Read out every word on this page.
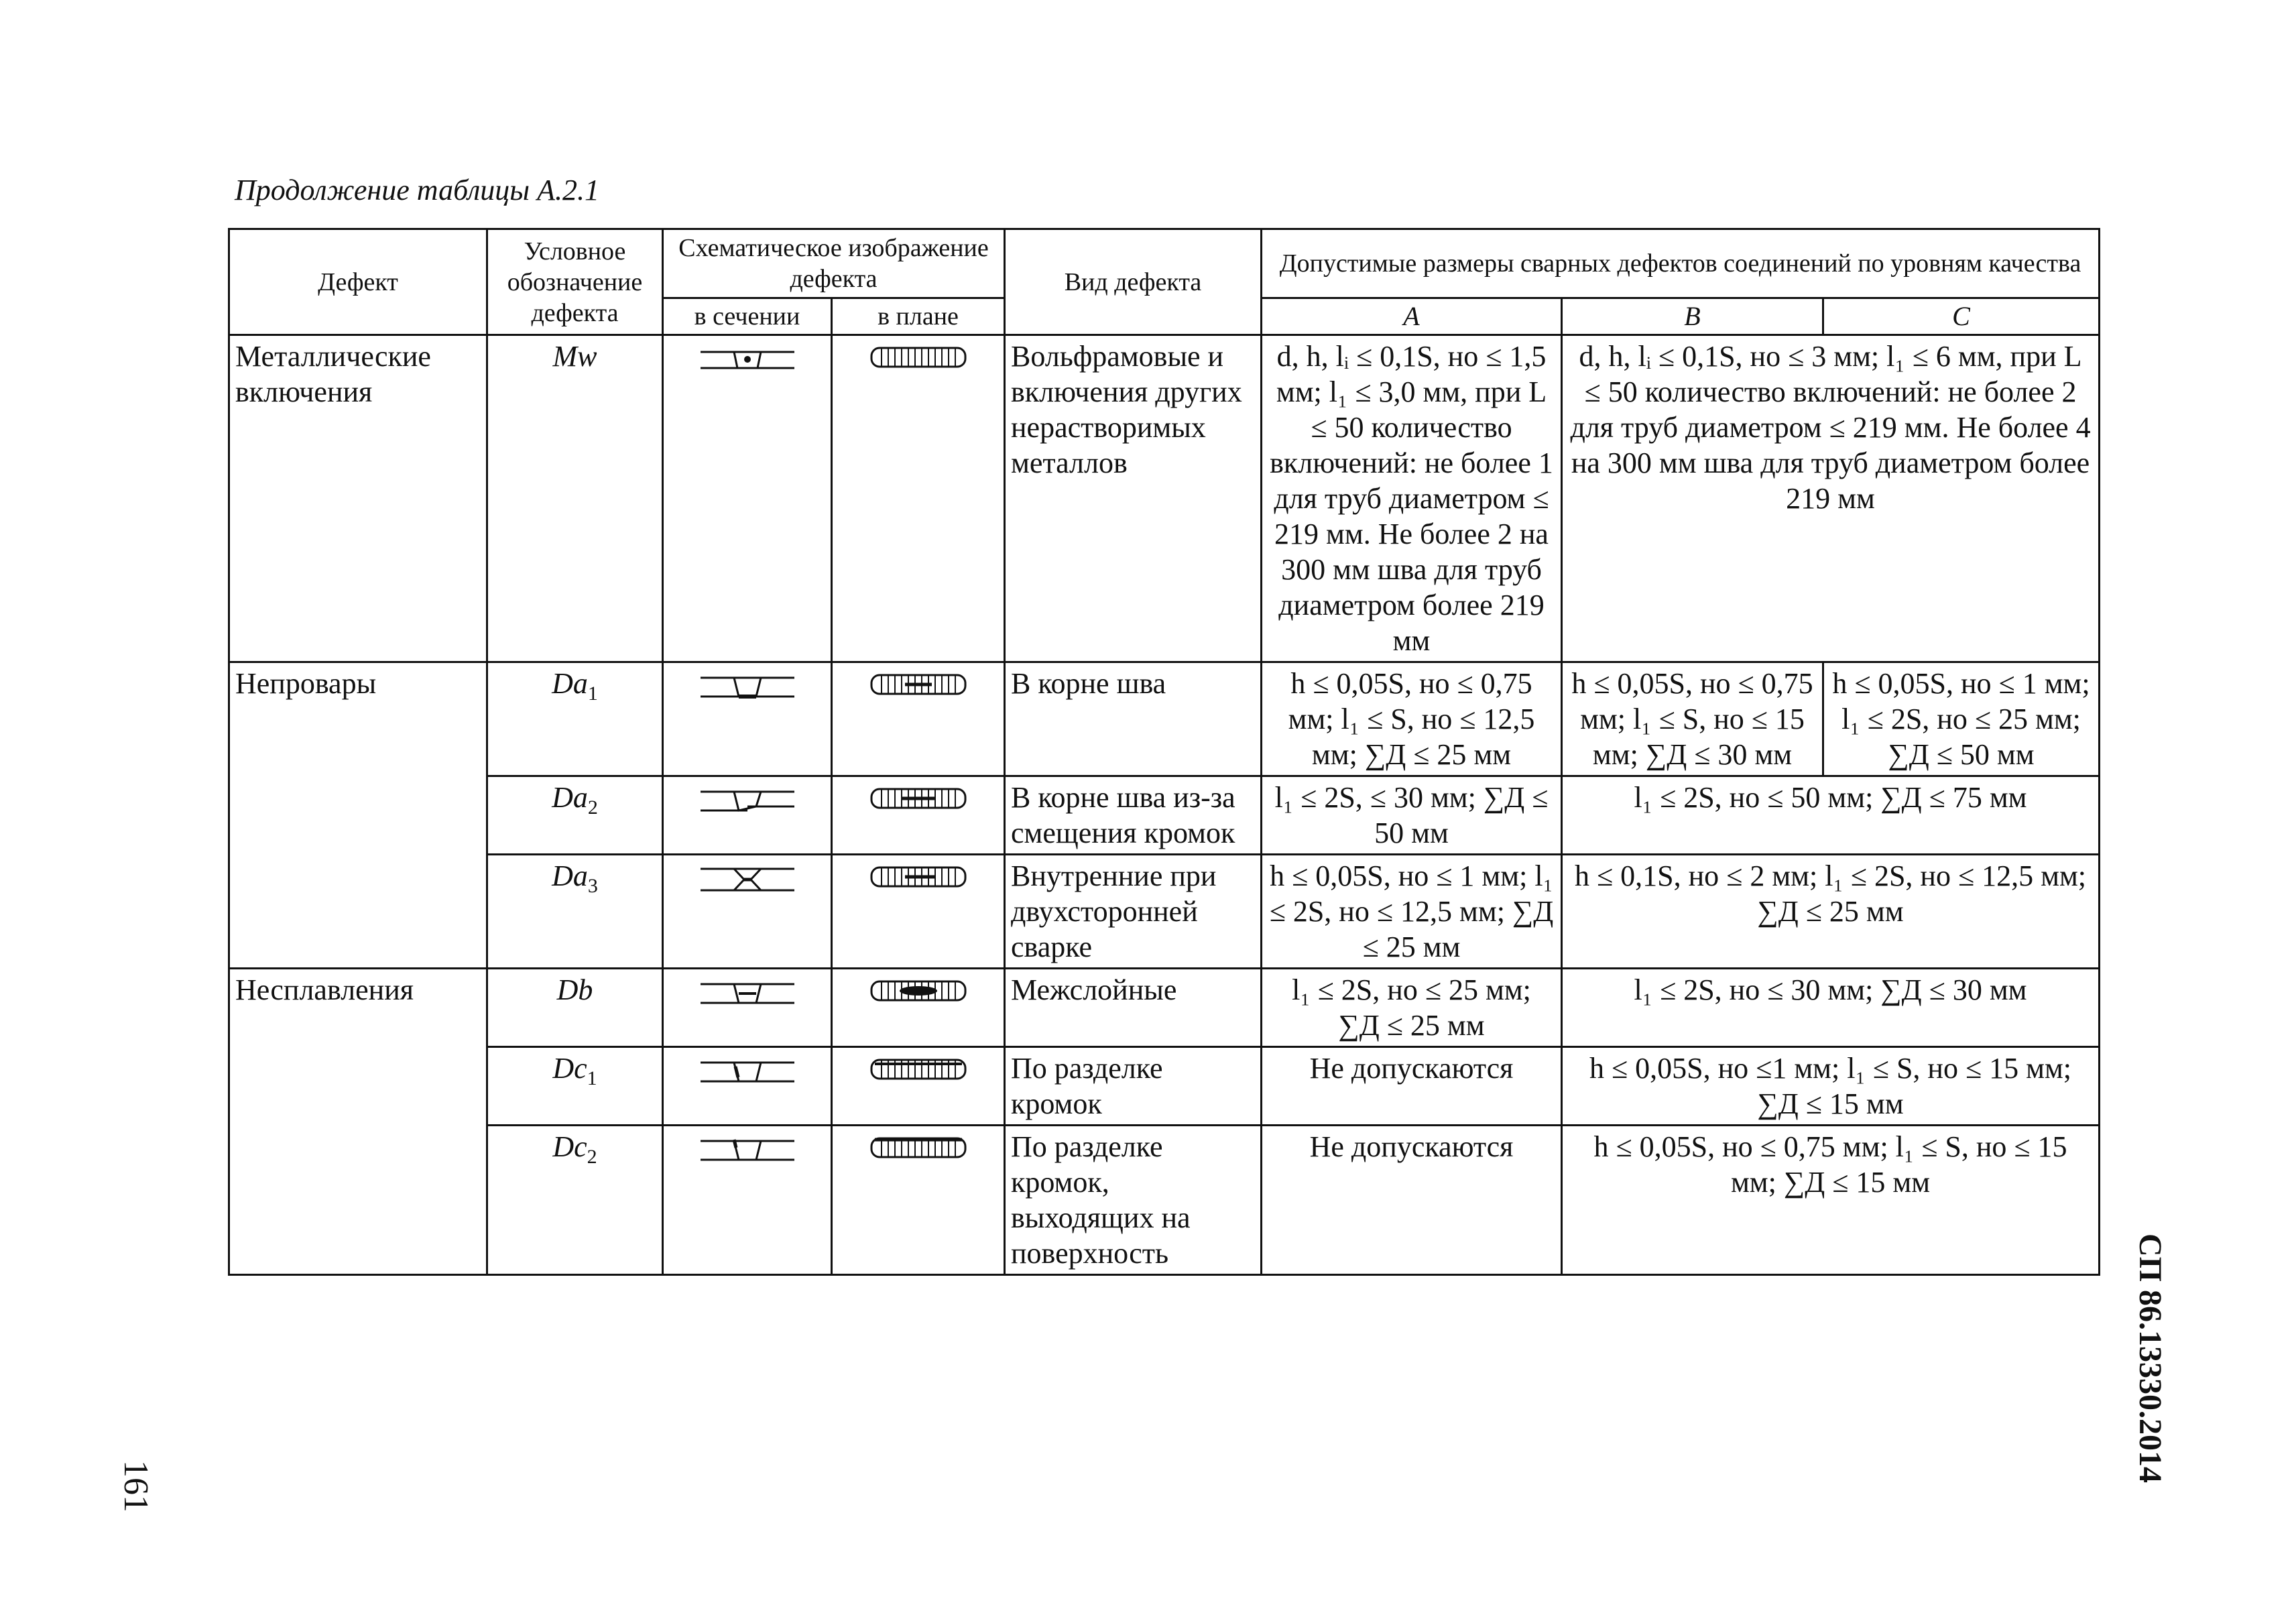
Продолжение таблицы А.2.1
Дефект	Условное обозначение дефекта	Схематическое изображение дефекта		Вид дефекта	Допустимые размеры сварных дефектов соединений по уровням качества		
		в сечении	в плане		А	В	С
Металлические включения	Mw			Вольфрамовые и включения других нерастворимых металлов	d, h, lᵢ ≤ 0,1S, но ≤ 1,5 мм; l₁ ≤ 3,0 мм, при L ≤ 50 количество включений: не более 1 для труб диаметром ≤ 219 мм. Не более 2 на 300 мм шва для труб диаметром более 219 мм	d, h, lᵢ ≤ 0,1S, но ≤ 3 мм; l₁ ≤ 6 мм, при L ≤ 50 количество включений: не более 2 для труб диаметром ≤ 219 мм. Не более 4 на 300 мм шва для труб диаметром более 219 мм	
Непровары	$Da_1$			В корне шва	h ≤ 0,05S, но ≤ 0,75 мм; l₁ ≤ S, но ≤ 12,5 мм; ∑Д ≤ 25 мм	h ≤ 0,05S, но ≤ 0,75 мм; l₁ ≤ S, но ≤ 15 мм; ∑Д ≤ 30 мм	h ≤ 0,05S, но ≤ 1 мм; l₁ ≤ 2S, но ≤ 25 мм; ∑Д ≤ 50 мм
	$Da_2$			В корне шва из-за смещения кромок	l₁ ≤ 2S, ≤ 30 мм; ∑Д ≤ 50 мм	l₁ ≤ 2S, но ≤ 50 мм; ∑Д ≤ 75 мм	
	$Da_3$			Внутренние при двухсторонней сварке	h ≤ 0,05S, но ≤ 1 мм; l₁ ≤ 2S, но ≤ 12,5 мм; ∑Д ≤ 25 мм	h ≤ 0,1S, но ≤ 2 мм; l₁ ≤ 2S, но ≤ 12,5 мм; ∑Д ≤ 25 мм	
Несплавления	Db			Межслойные	l₁ ≤ 2S, но ≤ 25 мм; ∑Д ≤ 25 мм	l₁ ≤ 2S, но ≤ 30 мм; ∑Д ≤ 30 мм	
	$Dc_1$			По разделке кромок	Не допускаются	h ≤ 0,05S, но ≤1 мм; l₁ ≤ S, но ≤ 15 мм; ∑Д ≤ 15 мм	
	$Dc_2$			По разделке кромок, выходящих на поверхность	Не допускаются	h ≤ 0,05S, но ≤ 0,75 мм; l₁ ≤ S, но ≤ 15 мм; ∑Д ≤ 15 мм	
СП 86.13330.2014
161
